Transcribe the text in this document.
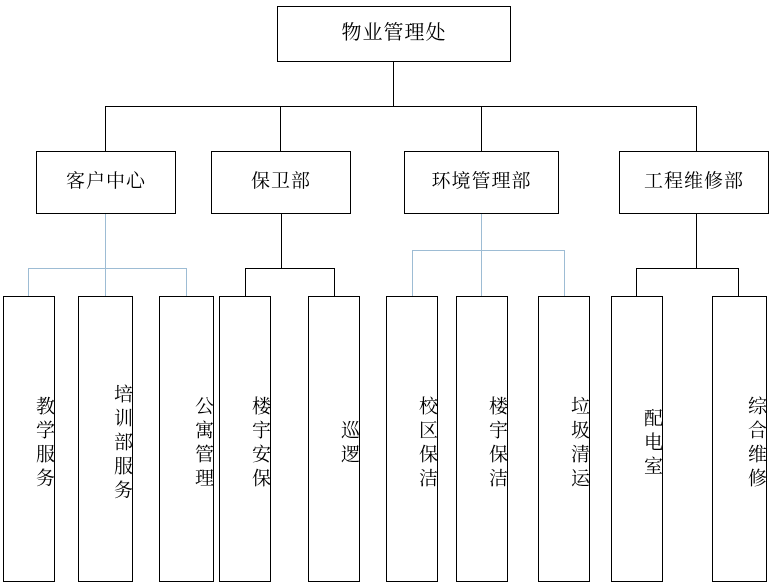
物业管理处
客户中心	保卫部	环境管理部	工程维修部
教学服务	培训部服务	公寓管理 楼宇安保	巡逻	校区保洁	楼宇保洁	垃圾清运	配电室	综合维修
